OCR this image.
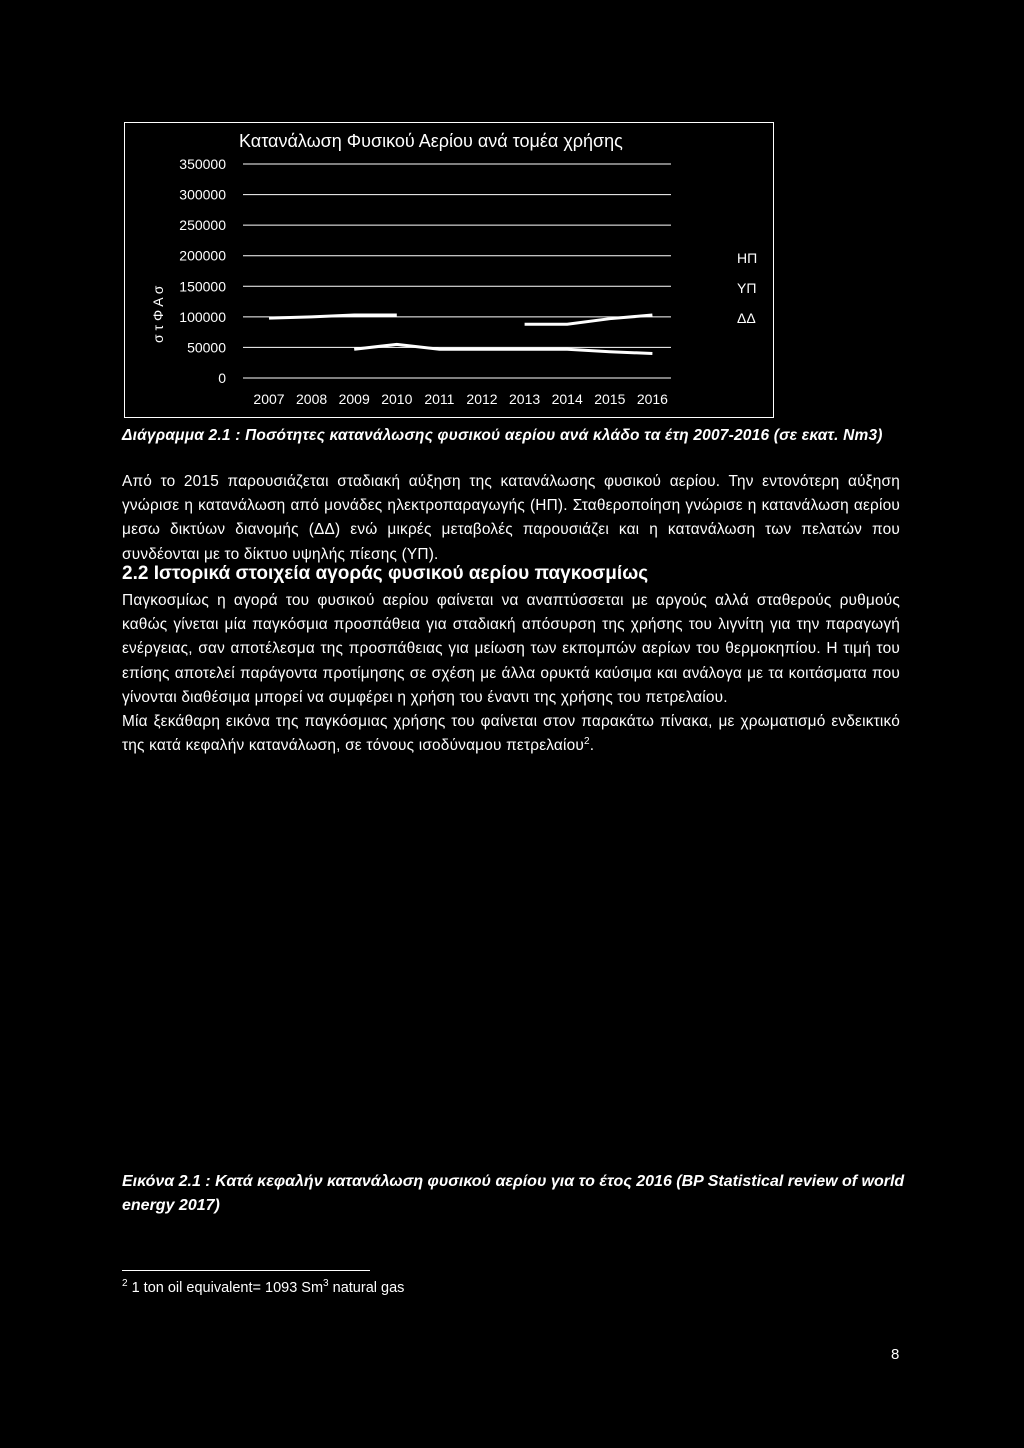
Κατανάλωση Φυσικού Αερίου ανά τομέα χρήσης
σ τ Φ Α σ
350000
300000
250000
200000
150000
100000
50000
0
2007 2008 2009 2010 2011 2012 2013 2014 2015 2016
ΗΠ
ΥΠ
ΔΔ
Διάγραμμα 2.1 : Ποσότητες κατανάλωσης φυσικού αερίου ανά κλάδο τα έτη 2007-2016 (σε εκατ. Nm3)

Από το 2015 παρουσιάζεται σταδιακή αύξηση της κατανάλωσης φυσικού αερίου. Την εντονότερη αύξηση γνώρισε η κατανάλωση από μονάδες ηλεκτροπαραγωγής (ΗΠ). Σταθεροποίηση γνώρισε η κατανάλωση αερίου μεσω δικτύων διανομής (ΔΔ) ενώ μικρές μεταβολές παρουσιάζει και η κατανάλωση των πελατών που συνδέονται με το δίκτυο υψηλής πίεσης (ΥΠ).

2.2 Ιστορικά στοιχεία αγοράς φυσικού αερίου παγκοσμίως

Παγκοσμίως η αγορά του φυσικού αερίου φαίνεται να αναπτύσσεται με αργούς αλλά σταθερούς ρυθμούς καθώς γίνεται μία παγκόσμια προσπάθεια για σταδιακή απόσυρση της χρήσης του λιγνίτη για την παραγωγή ενέργειας, σαν αποτέλεσμα της προσπάθειας για μείωση των εκπομπών αερίων του θερμοκηπίου. Η τιμή του επίσης αποτελεί παράγοντα προτίμησης σε σχέση με άλλα ορυκτά καύσιμα και ανάλογα με τα κοιτάσματα που γίνονται διαθέσιμα μπορεί να συμφέρει η χρήση του έναντι της χρήσης του πετρελαίου.

Μία ξεκάθαρη εικόνα της παγκόσμιας χρήσης του φαίνεται στον παρακάτω πίνακα, με χρωματισμό ενδεικτικό της κατά κεφαλήν κατανάλωση, σε τόνους ισοδύναμου πετρελαίου$^2$.

Εικόνα 2.1 : Κατά κεφαλήν κατανάλωση φυσικού αερίου για το έτος 2016 (BP Statistical review of world energy 2017)
$^2$ 1 ton oil equivalent= 1093 Sm$^3$ natural gas
8
